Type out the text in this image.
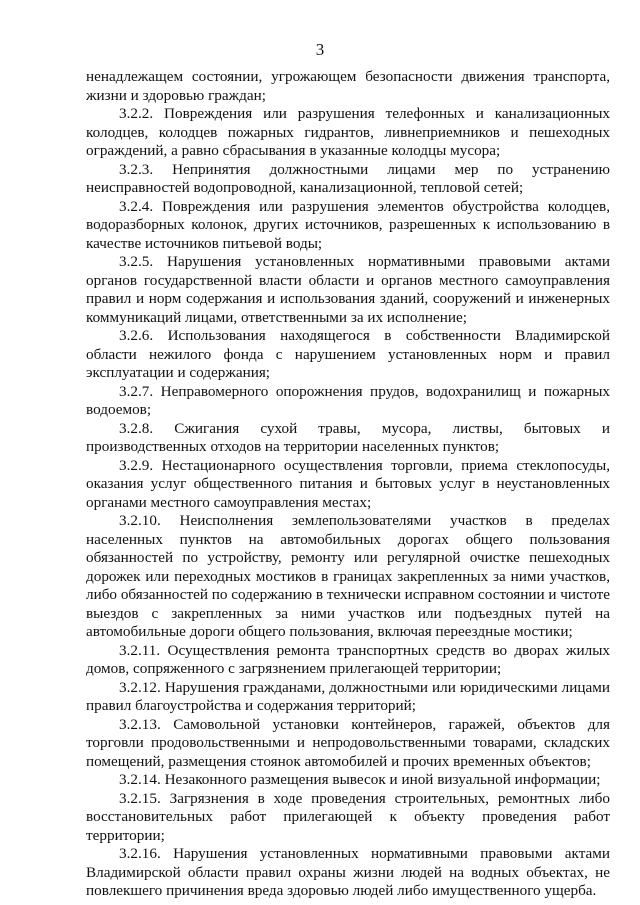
3

ненадлежащем состоянии, угрожающем безопасности движения транспорта, жизни и здоровью граждан;

3.2.2. Повреждения или разрушения телефонных и канализационных колодцев, колодцев пожарных гидрантов, ливнеприемников и пешеходных ограждений, а равно сбрасывания в указанные колодцы мусора;

3.2.3. Непринятия должностными лицами мер по устранению неисправностей водопроводной, канализационной, тепловой сетей;

3.2.4. Повреждения или разрушения элементов обустройства колодцев, водоразборных колонок, других источников, разрешенных к использованию в качестве источников питьевой воды;

3.2.5. Нарушения установленных нормативными правовыми актами органов государственной власти области и органов местного самоуправления правил и норм содержания и использования зданий, сооружений и инженерных коммуникаций лицами, ответственными за их исполнение;

3.2.6. Использования находящегося в собственности Владимирской области нежилого фонда с нарушением установленных норм и правил эксплуатации и содержания;

3.2.7. Неправомерного опорожнения прудов, водохранилищ и пожарных водоемов;

3.2.8. Сжигания сухой травы, мусора, листвы, бытовых и производственных отходов на территории населенных пунктов;

3.2.9. Нестационарного осуществления торговли, приема стеклопосуды, оказания услуг общественного питания и бытовых услуг в неустановленных органами местного самоуправления местах;

3.2.10. Неисполнения землепользователями участков в пределах населенных пунктов на автомобильных дорогах общего пользования обязанностей по устройству, ремонту или регулярной очистке пешеходных дорожек или переходных мостиков в границах закрепленных за ними участков, либо обязанностей по содержанию в технически исправном состоянии и чистоте выездов с закрепленных за ними участков или подъездных путей на автомобильные дороги общего пользования, включая переездные мостики;

3.2.11. Осуществления ремонта транспортных средств во дворах жилых домов, сопряженного с загрязнением прилегающей территории;

3.2.12. Нарушения гражданами, должностными или юридическими лицами правил благоустройства и содержания территорий;

3.2.13. Самовольной установки контейнеров, гаражей, объектов для торговли продовольственными и непродовольственными товарами, складских помещений, размещения стоянок автомобилей и прочих временных объектов;

3.2.14. Незаконного размещения вывесок и иной визуальной информации;

3.2.15. Загрязнения в ходе проведения строительных, ремонтных либо восстановительных работ прилегающей к объекту проведения работ территории;

3.2.16. Нарушения установленных нормативными правовыми актами Владимирской области правил охраны жизни людей на водных объектах, не повлекшего причинения вреда здоровью людей либо имущественного ущерба.
